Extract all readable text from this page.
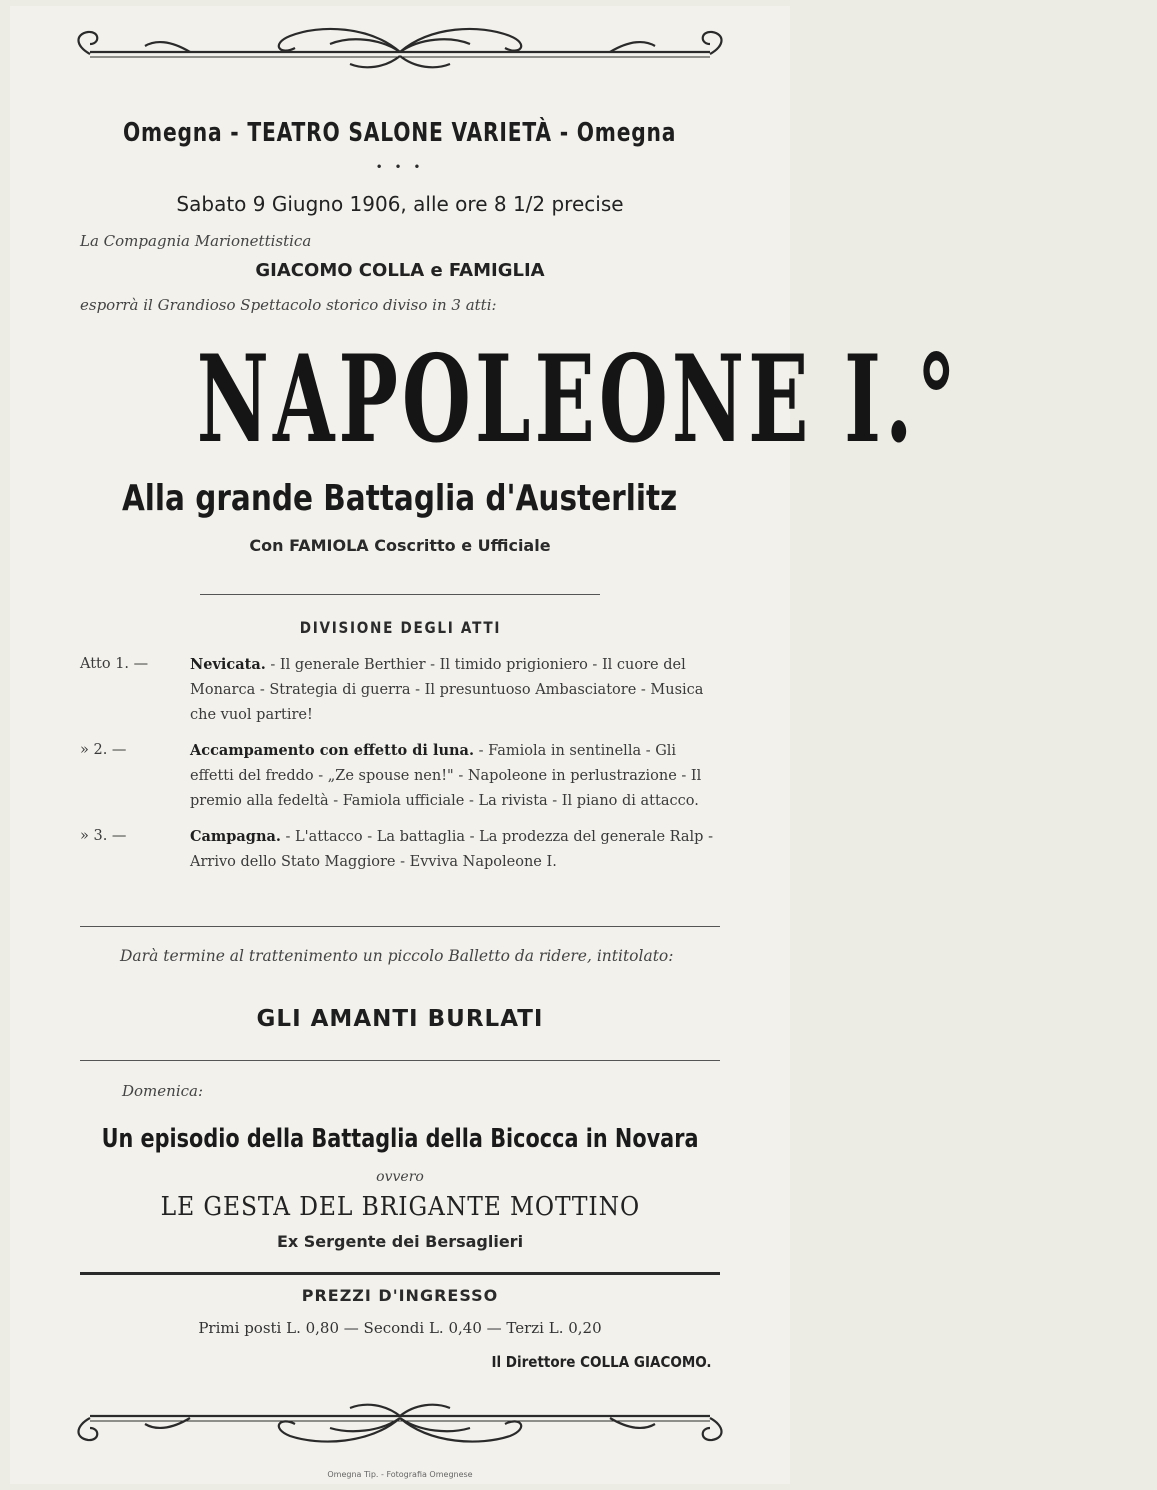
Omegna - TEATRO SALONE VARIETÀ - Omegna
• • •
Sabato 9 Giugno 1906, alle ore 8 1/2 precise
La Compagnia Marionettistica
GIACOMO COLLA e FAMIGLIA
esporrà il Grandioso Spettacolo storico diviso in 3 atti:
NAPOLEONE I.°
Alla grande Battaglia d'Austerlitz
Con FAMIOLA Coscritto e Ufficiale
DIVISIONE DEGLI ATTI
Atto 1. —	Nevicata. - Il generale Berthier - Il timido prigioniero - Il cuore del Monarca - Strategia di guerra - Il presuntuoso Ambasciatore - Musica che vuol partire!
» 2. —	Accampamento con effetto di luna. - Famiola in sentinella - Gli effetti del freddo - „Ze spouse nen!" - Napoleone in perlustrazione - Il premio alla fedeltà - Famiola ufficiale - La rivista - Il piano di attacco.
» 3. —	Campagna. - L'attacco - La battaglia - La prodezza del generale Ralp - Arrivo dello Stato Maggiore - Evviva Napoleone I.
Darà termine al trattenimento un piccolo Balletto da ridere, intitolato:
GLI AMANTI BURLATI
Domenica:
Un episodio della Battaglia della Bicocca in Novara
ovvero
LE GESTA DEL BRIGANTE MOTTINO
Ex Sergente dei Bersaglieri
PREZZI D'INGRESSO
Primi posti L. 0,80 — Secondi L. 0,40 — Terzi L. 0,20
Il Direttore COLLA GIACOMO.
Omegna Tip. - Fotografia Omegnese
